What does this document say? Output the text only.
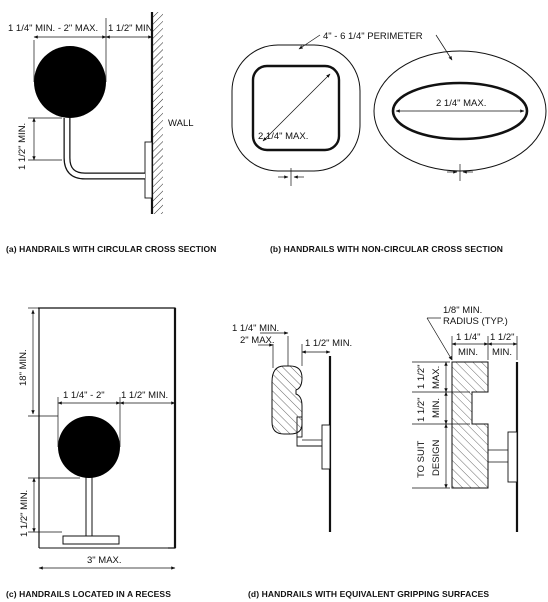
WALL
1 1/4" MIN. - 2" MAX. 1 1/2" MIN
1 1/2" MIN.
(a) HANDRAILS WITH CIRCULAR CROSS SECTION
2 1/4" MAX.
2 1/4" MAX.
4" - 6 1/4" PERIMETER
(b) HANDRAILS WITH NON-CIRCULAR CROSS SECTION
18" MIN.
1 1/4" - 2" 1 1/2" MIN.
1 1/2" MIN.
3" MAX.
(c) HANDRAILS LOCATED IN A RECESS
1 1/4" MIN.
2" MAX.	1 1/2" MIN.
1/8" MIN.
RADIUS (TYP.)
1 1/4"
MIN.
1 1/2"
MIN.
1 1/2" MAX.
1 1/2" MIN.
TO SUIT DESIGN
(d) HANDRAILS WITH EQUIVALENT GRIPPING SURFACES
